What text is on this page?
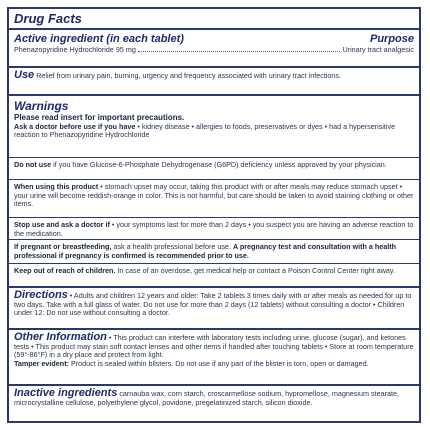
Drug Facts
Active ingredient (in each tablet)	Purpose
Phenazopyridine Hydrochloride 95 mg	Urinary tract analgesic
Use Relief from urinary pain, burning, urgency and frequency associated with urinary tract infections.
Warnings
Please read insert for important precautions.
Ask a doctor before use if you have • kidney disease • allergies to foods, preservatives or dyes • had a hypersensitive reaction to Phenazopyridine Hydrochloride
Do not use if you have Glucose-6-Phosphate Dehydrogenase (G6PD) deficiency unless approved by your physician.
When using this product • stomach upset may occur, taking this product with or after meals may reduce stomach upset • your urine will become reddish-orange in color. This is not harmful, but care should be taken to avoid staining clothing or other items.
Stop use and ask a doctor if • your symptoms last for more than 2 days • you suspect you are having an adverse reaction to the medication.
If pregnant or breastfeeding, ask a health professional before use. A pregnancy test and consultation with a health professional if pregnancy is confirmed is recommended prior to use.
Keep out of reach of children. In case of an overdose, get medical help or contact a Poison Control Center right away.
Directions • Adults and children 12 years and older: Take 2 tablets 3 times daily with or after meals as needed for up to two days. Take with a full glass of water. Do not use for more than 2 days (12 tablets) without consulting a doctor • Children under 12: Do not use without consulting a doctor.
Other Information • This product can interfere with laboratory tests including urine, glucose (sugar), and ketones tests • This product may stain soft contact lenses and other items if handled after touching tablets • Store at room temperature (59°-86°F) in a dry place and protect from light.
Tamper evident: Product is sealed within blisters. Do not use if any part of the blister is torn, open or damaged.
Inactive ingredients carnauba wax, corn starch, croscarmellose sodium, hypromellose, magnesium stearate, microcrystalline cellulose, polyethylene glycol, povidone, pregelatinized starch, silicon dioxide.
